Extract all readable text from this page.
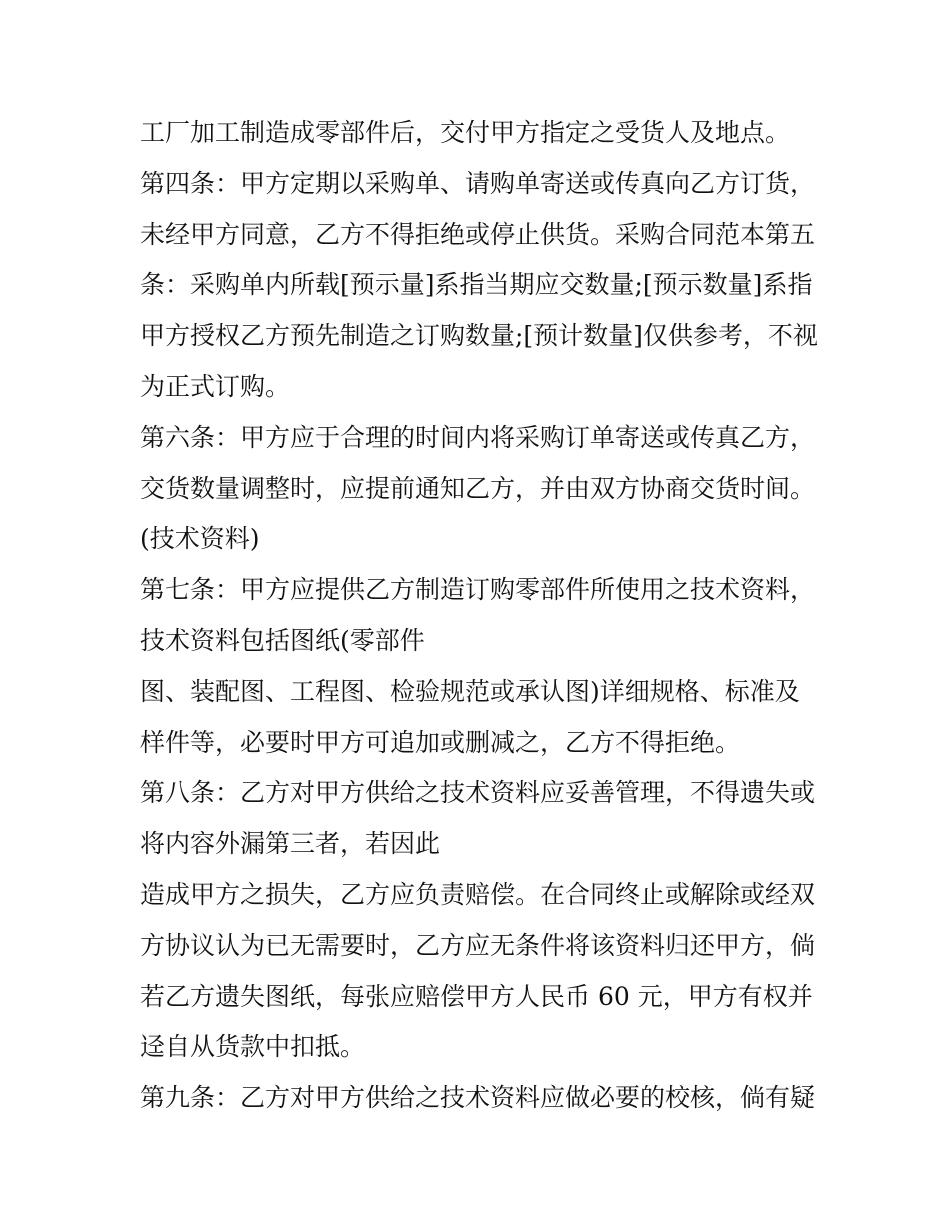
工厂加工制造成零部件后，交付甲方指定之受货人及地点。
第四条：甲方定期以采购单、请购单寄送或传真向乙方订货，
未经甲方同意，乙方不得拒绝或停止供货。采购合同范本第五
条：采购单内所载[预示量]系指当期应交数量;[预示数量]系指
甲方授权乙方预先制造之订购数量;[预计数量]仅供参考，不视
为正式订购。
第六条：甲方应于合理的时间内将采购订单寄送或传真乙方，
交货数量调整时，应提前通知乙方，并由双方协商交货时间。
(技术资料)
第七条：甲方应提供乙方制造订购零部件所使用之技术资料，
技术资料包括图纸(零部件
图、装配图、工程图、检验规范或承认图)详细规格、标准及
样件等，必要时甲方可追加或删减之，乙方不得拒绝。
第八条：乙方对甲方供给之技术资料应妥善管理，不得遗失或
将内容外漏第三者，若因此
造成甲方之损失，乙方应负责赔偿。在合同终止或解除或经双
方协议认为已无需要时，乙方应无条件将该资料归还甲方，倘
若乙方遗失图纸，每张应赔偿甲方人民币 60 元，甲方有权并
迳自从货款中扣抵。
第九条：乙方对甲方供给之技术资料应做必要的校核，倘有疑
